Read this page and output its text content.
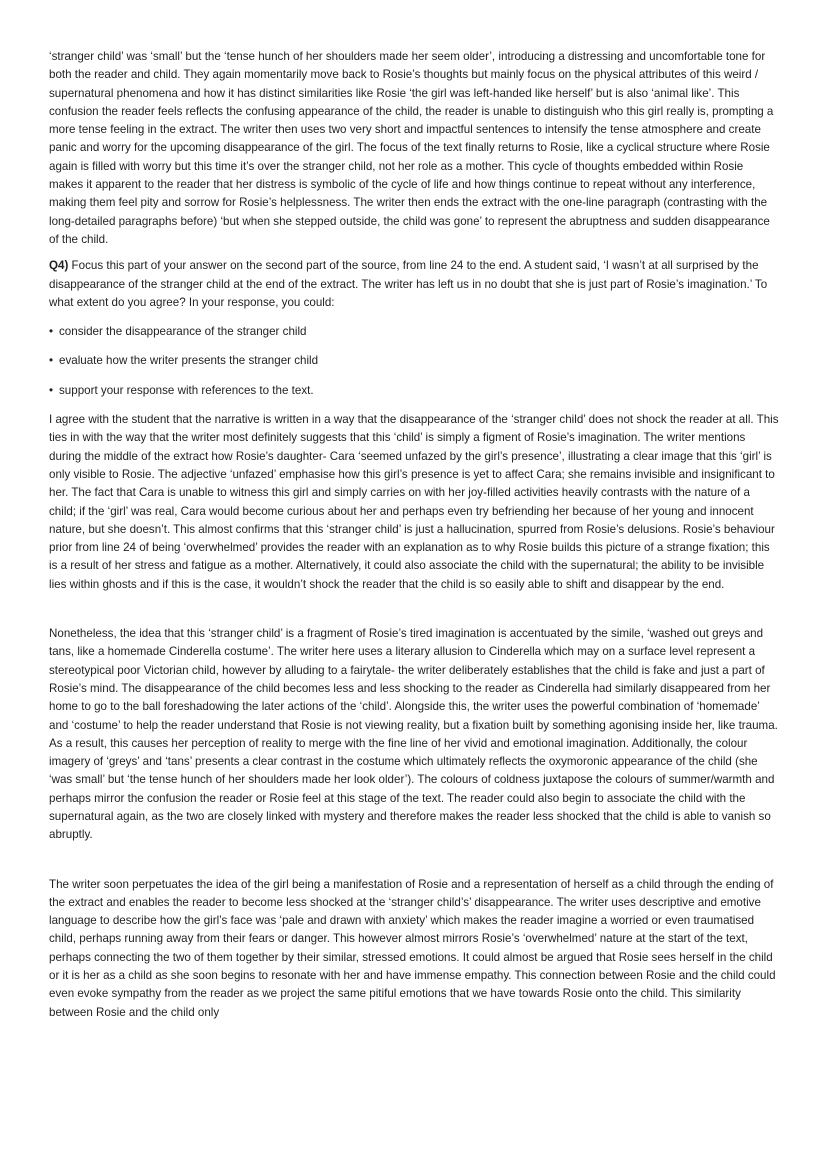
‘stranger child’ was ‘small’ but the ‘tense hunch of her shoulders made her seem older’, introducing a distressing and uncomfortable tone for both the reader and child. They again momentarily move back to Rosie’s thoughts but mainly focus on the physical attributes of this weird / supernatural phenomena and how it has distinct similarities like Rosie ‘the girl was left-handed like herself’ but is also ‘animal like’. This confusion the reader feels reflects the confusing appearance of the child, the reader is unable to distinguish who this girl really is, prompting a more tense feeling in the extract. The writer then uses two very short and impactful sentences to intensify the tense atmosphere and create panic and worry for the upcoming disappearance of the girl. The focus of the text finally returns to Rosie, like a cyclical structure where Rosie again is filled with worry but this time it’s over the stranger child, not her role as a mother. This cycle of thoughts embedded within Rosie makes it apparent to the reader that her distress is symbolic of the cycle of life and how things continue to repeat without any interference, making them feel pity and sorrow for Rosie’s helplessness. The writer then ends the extract with the one-line paragraph (contrasting with the long-detailed paragraphs before) ‘but when she stepped outside, the child was gone’ to represent the abruptness and sudden disappearance of the child.

Q4) Focus this part of your answer on the second part of the source, from line 24 to the end. A student said, ‘I wasn’t at all surprised by the disappearance of the stranger child at the end of the extract. The writer has left us in no doubt that she is just part of Rosie’s imagination.’ To what extent do you agree? In your response, you could:

• consider the disappearance of the stranger child

• evaluate how the writer presents the stranger child

• support your response with references to the text.

I agree with the student that the narrative is written in a way that the disappearance of the ‘stranger child’ does not shock the reader at all. This ties in with the way that the writer most definitely suggests that this ‘child’ is simply a figment of Rosie’s imagination. The writer mentions during the middle of the extract how Rosie’s daughter- Cara ‘seemed unfazed by the girl’s presence’, illustrating a clear image that this ‘girl’ is only visible to Rosie. The adjective ‘unfazed’ emphasise how this girl’s presence is yet to affect Cara; she remains invisible and insignificant to her. The fact that Cara is unable to witness this girl and simply carries on with her joy-filled activities heavily contrasts with the nature of a child; if the ‘girl’ was real, Cara would become curious about her and perhaps even try befriending her because of her young and innocent nature, but she doesn’t. This almost confirms that this ‘stranger child’ is just a hallucination, spurred from Rosie’s delusions. Rosie’s behaviour prior from line 24 of being ‘overwhelmed’ provides the reader with an explanation as to why Rosie builds this picture of a strange fixation; this is a result of her stress and fatigue as a mother. Alternatively, it could also associate the child with the supernatural; the ability to be invisible lies within ghosts and if this is the case, it wouldn’t shock the reader that the child is so easily able to shift and disappear by the end.

Nonetheless, the idea that this ‘stranger child’ is a fragment of Rosie’s tired imagination is accentuated by the simile, ‘washed out greys and tans, like a homemade Cinderella costume’. The writer here uses a literary allusion to Cinderella which may on a surface level represent a stereotypical poor Victorian child, however by alluding to a fairytale- the writer deliberately establishes that the child is fake and just a part of Rosie’s mind. The disappearance of the child becomes less and less shocking to the reader as Cinderella had similarly disappeared from her home to go to the ball foreshadowing the later actions of the ‘child’. Alongside this, the writer uses the powerful combination of ‘homemade’ and ‘costume’ to help the reader understand that Rosie is not viewing reality, but a fixation built by something agonising inside her, like trauma. As a result, this causes her perception of reality to merge with the fine line of her vivid and emotional imagination. Additionally, the colour imagery of ‘greys’ and ‘tans’ presents a clear contrast in the costume which ultimately reflects the oxymoronic appearance of the child (she ‘was small’ but ‘the tense hunch of her shoulders made her look older’). The colours of coldness juxtapose the colours of summer/warmth and perhaps mirror the confusion the reader or Rosie feel at this stage of the text. The reader could also begin to associate the child with the supernatural again, as the two are closely linked with mystery and therefore makes the reader less shocked that the child is able to vanish so abruptly.

The writer soon perpetuates the idea of the girl being a manifestation of Rosie and a representation of herself as a child through the ending of the extract and enables the reader to become less shocked at the ‘stranger child’s’ disappearance. The writer uses descriptive and emotive language to describe how the girl’s face was ‘pale and drawn with anxiety’ which makes the reader imagine a worried or even traumatised child, perhaps running away from their fears or danger. This however almost mirrors Rosie’s ‘overwhelmed’ nature at the start of the text, perhaps connecting the two of them together by their similar, stressed emotions. It could almost be argued that Rosie sees herself in the child or it is her as a child as she soon begins to resonate with her and have immense empathy. This connection between Rosie and the child could even evoke sympathy from the reader as we project the same pitiful emotions that we have towards Rosie onto the child. This similarity between Rosie and the child only
